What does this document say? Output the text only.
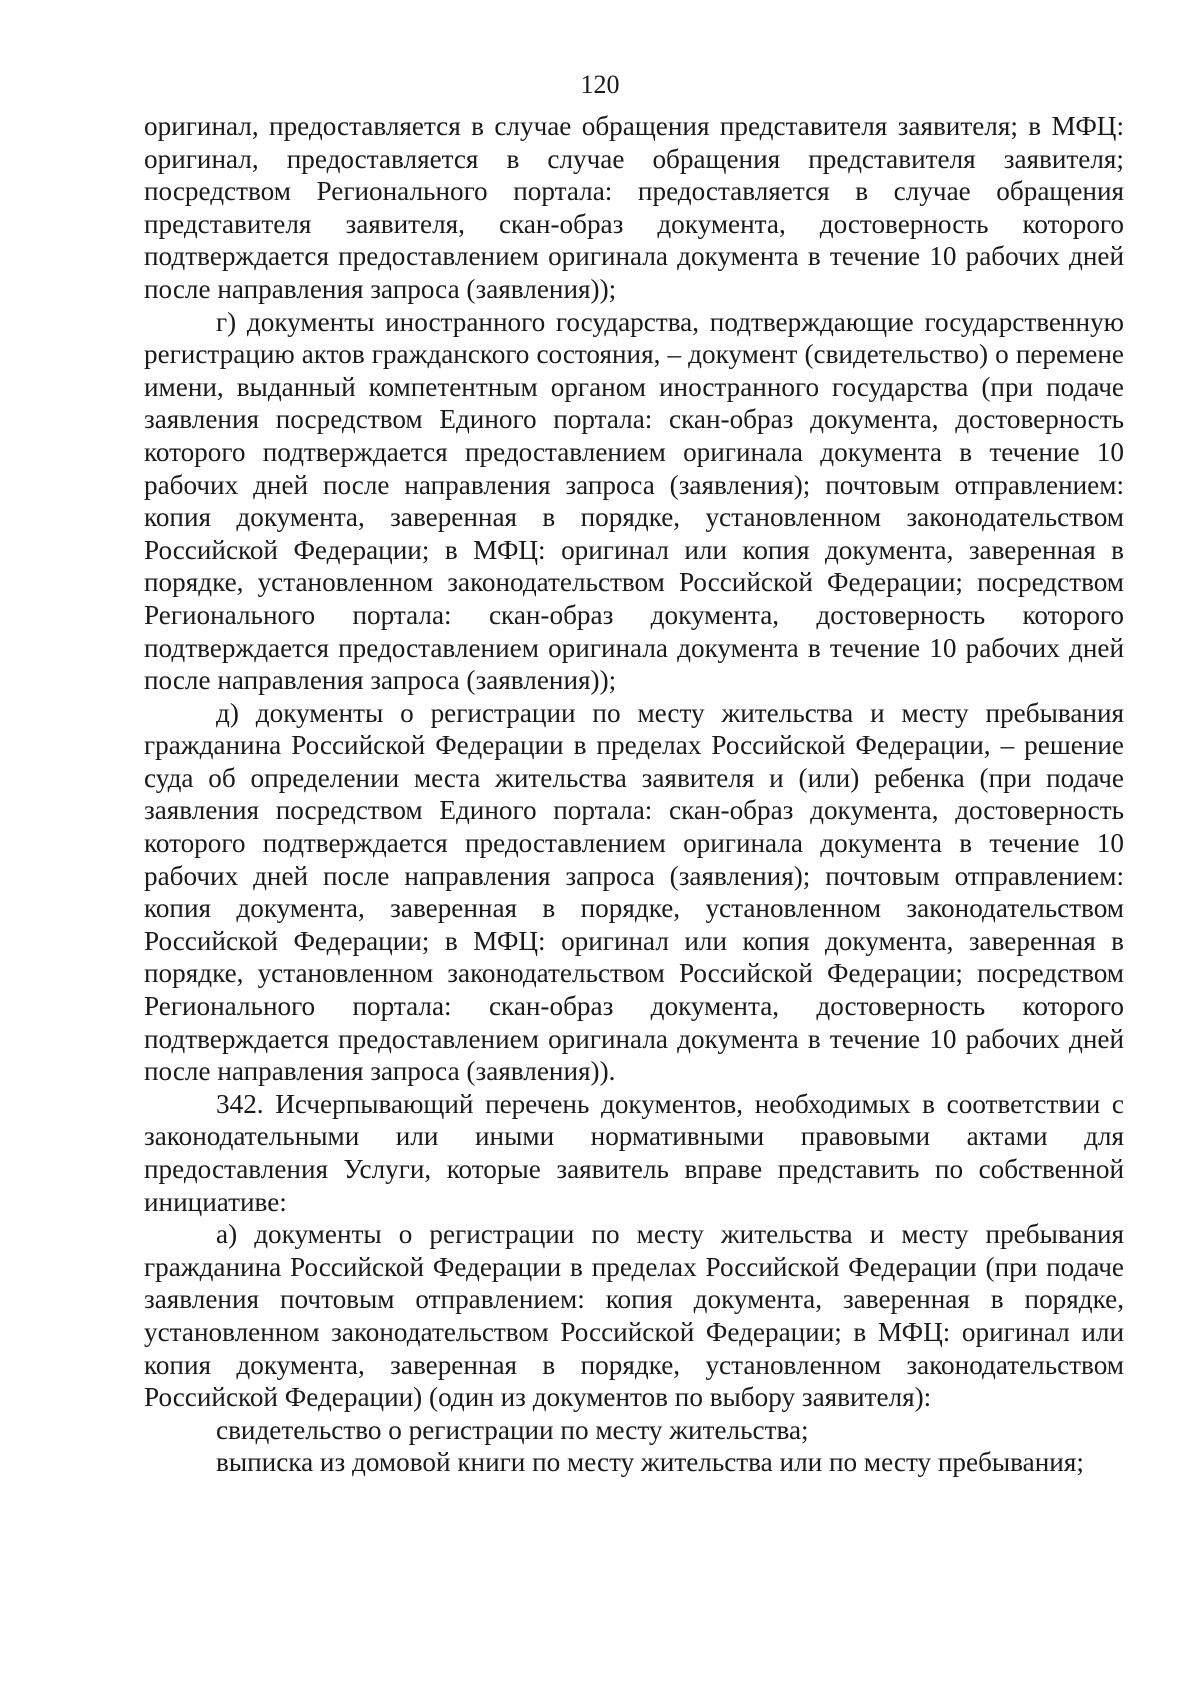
120

оригинал, предоставляется в случае обращения представителя заявителя; в МФЦ: оригинал, предоставляется в случае обращения представителя заявителя; посредством Регионального портала: предоставляется в случае обращения представителя заявителя, скан-образ документа, достоверность которого подтверждается предоставлением оригинала документа в течение 10 рабочих дней после направления запроса (заявления));

г) документы иностранного государства, подтверждающие государственную регистрацию актов гражданского состояния, – документ (свидетельство) о перемене имени, выданный компетентным органом иностранного государства (при подаче заявления посредством Единого портала: скан-образ документа, достоверность которого подтверждается предоставлением оригинала документа в течение 10 рабочих дней после направления запроса (заявления); почтовым отправлением: копия документа, заверенная в порядке, установленном законодательством Российской Федерации; в МФЦ: оригинал или копия документа, заверенная в порядке, установленном законодательством Российской Федерации; посредством Регионального портала: скан-образ документа, достоверность которого подтверждается предоставлением оригинала документа в течение 10 рабочих дней после направления запроса (заявления));

д) документы о регистрации по месту жительства и месту пребывания гражданина Российской Федерации в пределах Российской Федерации, – решение суда об определении места жительства заявителя и (или) ребенка (при подаче заявления посредством Единого портала: скан-образ документа, достоверность которого подтверждается предоставлением оригинала документа в течение 10 рабочих дней после направления запроса (заявления); почтовым отправлением: копия документа, заверенная в порядке, установленном законодательством Российской Федерации; в МФЦ: оригинал или копия документа, заверенная в порядке, установленном законодательством Российской Федерации; посредством Регионального портала: скан-образ документа, достоверность которого подтверждается предоставлением оригинала документа в течение 10 рабочих дней после направления запроса (заявления)).

342. Исчерпывающий перечень документов, необходимых в соответствии с законодательными или иными нормативными правовыми актами для предоставления Услуги, которые заявитель вправе представить по собственной инициативе:

а) документы о регистрации по месту жительства и месту пребывания гражданина Российской Федерации в пределах Российской Федерации (при подаче заявления почтовым отправлением: копия документа, заверенная в порядке, установленном законодательством Российской Федерации; в МФЦ: оригинал или копия документа, заверенная в порядке, установленном законодательством Российской Федерации) (один из документов по выбору заявителя):

свидетельство о регистрации по месту жительства;

выписка из домовой книги по месту жительства или по месту пребывания;
